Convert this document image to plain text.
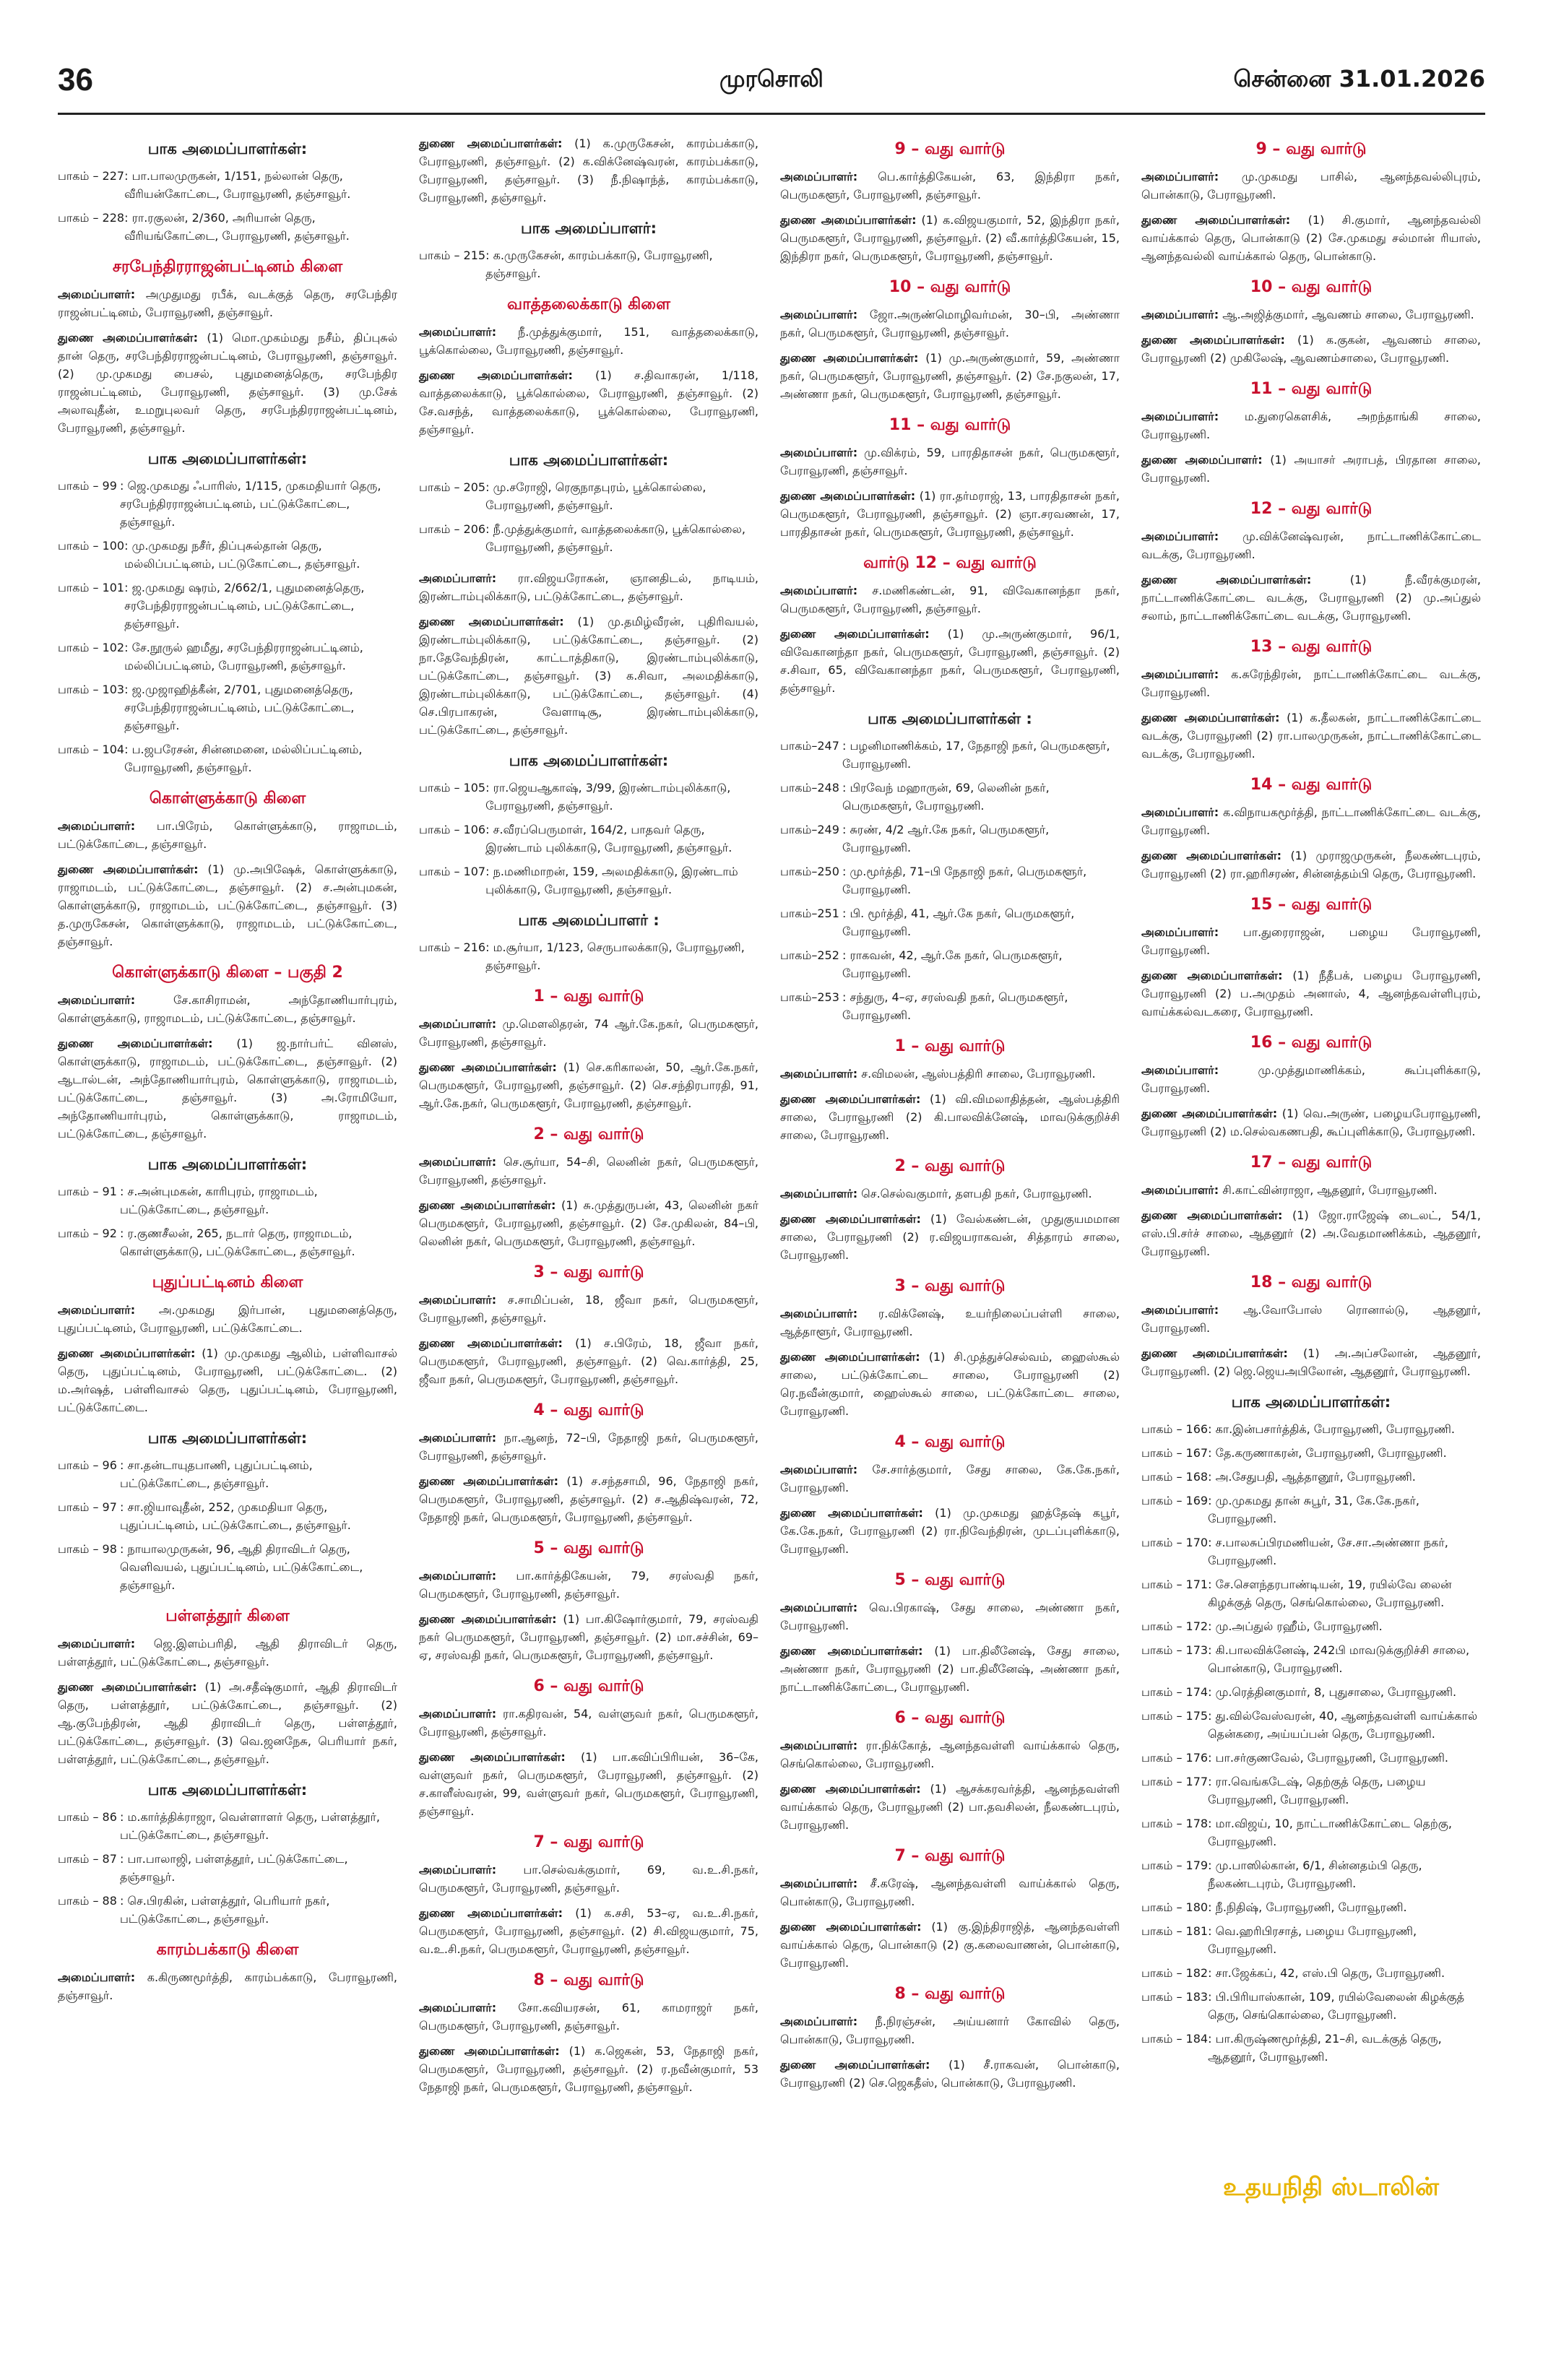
36	முரசொலி	சென்னை 31.01.2026
பாக அமைப்பாளர்கள்:
பாகம் – 227 : பா.பாலமுருகன், 1/151, நல்லான் தெரு, வீரியன்கோட்டை, பேராவூரணி, தஞ்சாவூர்.
பாகம் – 228 : ரா.ரகுலன், 2/360, அரியான் தெரு, வீரியங்கோட்டை, பேராவூரணி, தஞ்சாவூர்.
சரபேந்திரராஜன்பட்டினம் கிளை

அமைப்பாளர்: அமுதுமது ரபீக், வடக்குத் தெரு, சரபேந்திர ராஜன்பட்டினம், பேராவூரணி, தஞ்சாவூர்.

துணை அமைப்பாளர்கள்: (1) மொ.முகம்மது நசீம், திப்புசுல் தான் தெரு, சரபேந்திரராஜன்பட்டினம், பேராவூரணி, தஞ்சாவூர். (2) மு.முகமது பைசல், புதுமனைத்தெரு, சரபேந்திர ராஜன்பட்டினம், பேராவூரணி, தஞ்சாவூர். (3) மு.சேக் அலாவுதீன், உமறுபுலவர் தெரு, சரபேந்திரராஜன்பட்டினம், பேராவூரணி, தஞ்சாவூர்.

பாக அமைப்பாளர்கள்:
பாகம் – 99 : ஜெ.முகமது ஃபாரிஸ், 1/115, முகமதியார் தெரு, சரபேந்திரராஜன்பட்டினம், பட்டுக்கோட்டை, தஞ்சாவூர்.
பாகம் – 100 : மு.முகமது நசீர், திப்புசுல்தான் தெரு, மல்லிப்பட்டினம், பட்டுகோட்டை, தஞ்சாவூர்.
பாகம் – 101 : ஜ.முகமது ஷரம், 2/662/1, புதுமனைத்தெரு, சரபேந்திரராஜன்பட்டினம், பட்டுக்கோட்டை, தஞ்சாவூர்.
பாகம் – 102 : சே.நூருல் ஹமீது, சரபேந்திரராஜன்பட்டினம், மல்லிப்பட்டினம், பேராவூரணி, தஞ்சாவூர்.
பாகம் – 103 : ஜ.முஜாஹித்கீன், 2/701, புதுமனைத்தெரு, சரபேந்திரராஜன்பட்டினம், பட்டுக்கோட்டை, தஞ்சாவூர்.
பாகம் – 104 : ப.ஜபரேசன், சின்னமனை, மல்லிப்பட்டினம், பேராவூரணி, தஞ்சாவூர்.
கொள்ளுக்காடு கிளை

அமைப்பாளர்: பா.பிரேம், கொள்ளுக்காடு, ராஜாமடம், பட்டுக்கோட்டை, தஞ்சாவூர்.

துணை அமைப்பாளர்கள்: (1) மு.அபிஷேக், கொள்ளுக்காடு, ராஜாமடம், பட்டுக்கோட்டை, தஞ்சாவூர். (2) ச.அன்புமகன், கொள்ளுக்காடு, ராஜாமடம், பட்டுக்கோட்டை, தஞ்சாவூர். (3) த.முருகேசன், கொள்ளுக்காடு, ராஜாமடம், பட்டுக்கோட்டை, தஞ்சாவூர்.

கொள்ளுக்காடு கிளை – பகுதி 2

அமைப்பாளர்:	சே.காசிராமன், அந்தோணியார்புரம், கொள்ளுக்காடு, ராஜாமடம், பட்டுக்கோட்டை, தஞ்சாவூர்.

துணை அமைப்பாளர்கள்: (1) ஜ.நார்பர்ட் வினஸ், கொள்ளுக்காடு, ராஜாமடம், பட்டுக்கோட்டை, தஞ்சாவூர். (2) ஆடால்டன், அந்தோணியார்புரம், கொள்ளுக்காடு, ராஜாமடம், பட்டுக்கோட்டை, தஞ்சாவூர். (3) அ.ரோமியோ, அந்தோணியார்புரம், கொள்ளுக்காடு, ராஜாமடம், பட்டுக்கோட்டை, தஞ்சாவூர்.

பாக அமைப்பாளர்கள்:
பாகம் – 91 : ச.அன்புமகன், காரிபுரம், ராஜாமடம், பட்டுக்கோட்டை, தஞ்சாவூர்.
பாகம் – 92 : ர.குணசீலன், 265, நடார் தெரு, ராஜாமடம், கொள்ளுக்காடு, பட்டுக்கோட்டை, தஞ்சாவூர்.
புதுப்பட்டினம் கிளை

அமைப்பாளர்: அ.முகமது இர்பான், புதுமனைத்தெரு, புதுப்பட்டினம், பேராவூரணி, பட்டுக்கோட்டை.

துணை அமைப்பாளர்கள்: (1) மு.முகமது ஆலிம், பள்ளிவாசல் தெரு, புதுப்பட்டினம், பேராவூரணி, பட்டுக்கோட்டை. (2) ம.அர்ஷத், பள்ளிவாசல் தெரு, புதுப்பட்டினம், பேராவூரணி, பட்டுக்கோட்டை.

பாக அமைப்பாளர்கள்:
பாகம் – 96 : சா.தன்டாயுதபாணி, புதுப்பட்டினம், பட்டுக்கோட்டை, தஞ்சாவூர்.
பாகம் – 97 : சா.ஜியாவுதீன், 252, முகமதியா தெரு, புதுப்பட்டினம், பட்டுக்கோட்டை, தஞ்சாவூர்.
பாகம் – 98 : நாயாலமுருகன், 96, ஆதி திராவிடர் தெரு, வெளிவயல், புதுப்பட்டினம், பட்டுக்கோட்டை, தஞ்சாவூர்.
பள்ளத்தூர் கிளை

அமைப்பாளர்: ஜெ.இளம்பரிதி, ஆதி திராவிடர் தெரு, பள்ளத்தூர், பட்டுக்கோட்டை, தஞ்சாவூர்.

துணை அமைப்பாளர்கள்: (1) அ.சதீஷ்குமார், ஆதி திராவிடர் தெரு, பள்ளத்தூர், பட்டுக்கோட்டை, தஞ்சாவூர். (2) ஆ.குபேந்திரன், ஆதி திராவிடர் தெரு, பள்ளத்தூர், பட்டுக்கோட்டை, தஞ்சாவூர். (3) வெ.ஜனநேசு, பெரியார் நகர், பள்ளத்தூர், பட்டுக்கோட்டை, தஞ்சாவூர்.

பாக அமைப்பாளர்கள்:
பாகம் – 86 : ம.கார்த்திக்ராஜா, வெள்ளாளர் தெரு, பள்ளத்தூர், பட்டுக்கோட்டை, தஞ்சாவூர்.
பாகம் – 87 : பா.பாலாஜி, பள்ளத்தூர், பட்டுக்கோட்டை, தஞ்சாவூர்.
பாகம் – 88 : செ.பிரகின், பள்ளத்தூர், பெரியார் நகர், பட்டுக்கோட்டை, தஞ்சாவூர்.
காரம்பக்காடு கிளை

அமைப்பாளர்: க.கிருணமூர்த்தி, காரம்பக்காடு, பேராவூரணி, தஞ்சாவூர்.

துணை அமைப்பாளர்கள்: (1) க.முருகேசன், காரம்பக்காடு, பேராவூரணி, தஞ்சாவூர். (2) க.விக்னேஷ்வரன், காரம்பக்காடு, பேராவூரணி, தஞ்சாவூர். (3) நீ.நிஷாந்த், காரம்பக்காடு, பேராவூரணி, தஞ்சாவூர்.

பாக அமைப்பாளர்:
பாகம் – 215 : க.முருகேசன், காரம்பக்காடு, பேராவூரணி, தஞ்சாவூர்.
வாத்தலைக்காடு கிளை

அமைப்பாளர்: நீ.முத்துக்குமார், 151, வாத்தலைக்காடு, பூக்கொல்லை, பேராவூரணி, தஞ்சாவூர்.

துணை அமைப்பாளர்கள்: (1) ச.திவாகரன், 1/118, வாத்தலைக்காடு, பூக்கொல்லை, பேராவூரணி, தஞ்சாவூர். (2) சே.வசந்த், வாத்தலைக்காடு, பூக்கொல்லை, பேராவூரணி, தஞ்சாவூர்.

பாக அமைப்பாளர்கள்:
பாகம் – 205 : மு.சரோஜி, ரெகுநாதபுரம், பூக்கொல்லை, பேராவூரணி, தஞ்சாவூர்.
பாகம் – 206 : நீ.முத்துக்குமார், வாத்தலைக்காடு, பூக்கொல்லை, பேராவூரணி, தஞ்சாவூர்.

அமைப்பாளர்: ரா.விஜயரோகன், ஞானதிடல், நாடியம், இரண்டாம்புலிக்காடு, பட்டுக்கோட்டை, தஞ்சாவூர்.

துணை அமைப்பாளர்கள்: (1) மு.தமிழ்வீரன், புதிரிவயல், இரண்டாம்புலிக்காடு, பட்டுக்கோட்டை, தஞ்சாவூர். (2) நா.தேவேந்திரன், காட்டாத்திகாடு, இரண்டாம்புலிக்காடு, பட்டுக்கோட்டை, தஞ்சாவூர். (3) க.சிவா, அலமதிக்காடு, இரண்டாம்புலிக்காடு, பட்டுக்கோட்டை, தஞ்சாவூர். (4) செ.பிரபாகரன், வேளாடிசூ, இரண்டாம்புலிக்காடு, பட்டுக்கோட்டை, தஞ்சாவூர்.

பாக அமைப்பாளர்கள்:
பாகம் – 105 : ரா.ஜெயஆகாஷ், 3/99, இரண்டாம்புலிக்காடு, பேராவூரணி, தஞ்சாவூர்.
பாகம் – 106 : ச.வீரப்பெருமாள், 164/2, பாதவர் தெரு, இரண்டாம் புலிக்காடு, பேராவூரணி, தஞ்சாவூர்.
பாகம் – 107 : ந.மணிமாறன், 159, அலமதிக்காடு, இரண்டாம் புலிக்காடு, பேராவூரணி, தஞ்சாவூர்.
பாக அமைப்பாளர் :
பாகம் – 216 : ம.சூர்யா, 1/123, செருபாலக்காடு, பேராவூரணி, தஞ்சாவூர்.
1 – வது வார்டு

அமைப்பாளர்: மு.மெளலிதரன், 74 ஆர்.கே.நகர், பெருமகளூர், பேராவூரணி, தஞ்சாவூர்.

துணை அமைப்பாளர்கள்: (1) செ.கரிகாலன், 50, ஆர்.கே.நகர், பெருமகளூர், பேராவூரணி, தஞ்சாவூர். (2) செ.சந்திரபாரதி, 91, ஆர்.கே.நகர், பெருமகளூர், பேராவூரணி, தஞ்சாவூர்.

2 – வது வார்டு

அமைப்பாளர்: செ.சூர்யா, 54–சி, லெனின் நகர், பெருமகளூர், பேராவூரணி, தஞ்சாவூர்.

துணை அமைப்பாளர்கள்: (1) சு.முத்துருபன், 43, லெனின் நகர் பெருமகளூர், பேராவூரணி, தஞ்சாவூர். (2) சே.முகிலன், 84–பி, லெனின் நகர், பெருமகளூர், பேராவூரணி, தஞ்சாவூர்.

3 – வது வார்டு

அமைப்பாளர்: ச.சாமிப்பன், 18, ஜீவா நகர், பெருமகளூர், பேராவூரணி, தஞ்சாவூர்.

துணை அமைப்பாளர்கள்: (1) ச.பிரேம், 18, ஜீவா நகர், பெருமகளூர், பேராவூரணி, தஞ்சாவூர். (2) வெ.கார்த்தி, 25, ஜீவா நகர், பெருமகளூர், பேராவூரணி, தஞ்சாவூர்.

4 – வது வார்டு

அமைப்பாளர்: நா.ஆனந், 72–பி, நேதாஜி நகர், பெருமகளூர், பேராவூரணி, தஞ்சாவூர்.

துணை அமைப்பாளர்கள்: (1) ச.சந்தசாமி, 96, நேதாஜி நகர், பெருமகளூர், பேராவூரணி, தஞ்சாவூர். (2) ச.ஆதிஷ்வரன், 72, நேதாஜி நகர், பெருமகளூர், பேராவூரணி, தஞ்சாவூர்.

5 – வது வார்டு

அமைப்பாளர்: பா.கார்த்திகேயன், 79, சரஸ்வதி நகர், பெருமகளூர், பேராவூரணி, தஞ்சாவூர்.

துணை அமைப்பாளர்கள்: (1) பா.கிஷோர்குமார், 79, சரஸ்வதி நகர் பெருமகளூர், பேராவூரணி, தஞ்சாவூர். (2) மா.சச்சின், 69–ஏ, சரஸ்வதி நகர், பெருமகளூர், பேராவூரணி, தஞ்சாவூர்.

6 – வது வார்டு

அமைப்பாளர்: ரா.கதிரவன், 54, வள்ளுவர் நகர், பெருமகளூர், பேராவூரணி, தஞ்சாவூர்.

துணை அமைப்பாளர்கள்: (1) பா.கவிப்பிரியன், 36–கே, வள்ளுவர் நகர், பெருமகளூர், பேராவூரணி, தஞ்சாவூர். (2) ச.காளீஸ்வரன், 99, வள்ளுவர் நகர், பெருமகளூர், பேராவூரணி, தஞ்சாவூர்.

7 – வது வார்டு

அமைப்பாளர்: பா.செல்வக்குமார், 69, வ.உ.சி.நகர், பெருமகளூர், பேராவூரணி, தஞ்சாவூர்.

துணை அமைப்பாளர்கள்: (1) க.சசி, 53–ஏ, வ.உ.சி.நகர், பெருமகளூர், பேராவூரணி, தஞ்சாவூர். (2) சி.விஜயகுமார், 75, வ.உ.சி.நகர், பெருமகளூர், பேராவூரணி, தஞ்சாவூர்.

8 – வது வார்டு

அமைப்பாளர்: சோ.கவியரசன், 61, காமராஜர் நகர், பெருமகளூர், பேராவூரணி, தஞ்சாவூர்.

துணை அமைப்பாளர்கள்: (1) க.ஜெகன், 53, நேதாஜி நகர், பெருமகளூர், பேராவூரணி, தஞ்சாவூர். (2) ர.நவீன்குமார், 53 நேதாஜி நகர், பெருமகளூர், பேராவூரணி, தஞ்சாவூர்.

9 – வது வார்டு

அமைப்பாளர்: பெ.கார்த்திகேயன், 63, இந்திரா நகர், பெருமகளூர், பேராவூரணி, தஞ்சாவூர்.

துணை அமைப்பாளர்கள்: (1) க.விஜயகுமார், 52, இந்திரா நகர், பெருமகளூர், பேராவூரணி, தஞ்சாவூர். (2) வீ.கார்த்திகேயன், 15, இந்திரா நகர், பெருமகளூர், பேராவூரணி, தஞ்சாவூர்.

10 – வது வார்டு

அமைப்பாளர்: ஜோ.அருண்மொழிவர்மன், 30–பி, அண்ணா நகர், பெருமகளூர், பேராவூரணி, தஞ்சாவூர்.

துணை அமைப்பாளர்கள்: (1) மு.அருண்குமார், 59, அண்ணா நகர், பெருமகளூர், பேராவூரணி, தஞ்சாவூர். (2) சே.நகுலன், 17, அண்ணா நகர், பெருமகளூர், பேராவூரணி, தஞ்சாவூர்.

11 – வது வார்டு

அமைப்பாளர்: மு.விக்ரம், 59, பாரதிதாசன் நகர், பெருமகளூர், பேராவூரணி, தஞ்சாவூர்.

துணை அமைப்பாளர்கள்: (1) ரா.தர்மராஜ், 13, பாரதிதாசன் நகர், பெருமகளூர், பேராவூரணி, தஞ்சாவூர். (2) ஞா.சரவணன், 17, பாரதிதாசன் நகர், பெருமகளூர், பேராவூரணி, தஞ்சாவூர்.

வார்டு 12 – வது வார்டு

அமைப்பாளர்: ச.மணிகண்டன், 91, விவேகானந்தா நகர், பெருமகளூர், பேராவூரணி, தஞ்சாவூர்.

துணை அமைப்பாளர்கள்: (1) மு.அருண்குமார், 96/1, விவேகானந்தா நகர், பெருமகளூர், பேராவூரணி, தஞ்சாவூர். (2) ச.சிவா, 65, விவேகானந்தா நகர், பெருமகளூர், பேராவூரணி, தஞ்சாவூர்.

பாக அமைப்பாளர்கள் :
பாகம்–247 : பழனிமாணிக்கம், 17, நேதாஜி நகர், பெருமகளூர், பேராவூரணி.
பாகம்–248 : பிரவேந் மஹாருன், 69, லெனின் நகர், பெருமகளூர், பேராவூரணி.
பாகம்–249 : சுரண், 4/2 ஆர்.கே நகர், பெருமகளூர், பேராவூரணி.
பாகம்–250 : மு.மூர்த்தி, 71–பி நேதாஜி நகர், பெருமகளூர், பேராவூரணி.
பாகம்–251 : பி. மூர்த்தி, 41, ஆர்.கே நகர், பெருமகளூர், பேராவூரணி.
பாகம்–252 : ராகவன், 42, ஆர்.கே நகர், பெருமகளூர், பேராவூரணி.
பாகம்–253 : சந்துரு, 4–ஏ, சரஸ்வதி நகர், பெருமகளூர், பேராவூரணி.
1 – வது வார்டு

அமைப்பாளர்: ச.விமலன், ஆஸ்பத்திரி சாலை, பேராவூரணி.

துணை அமைப்பாளர்கள்: (1) வி.விமலாதித்தன், ஆஸ்பத்திரி சாலை, பேராவூரணி (2) கி.பாலவிக்னேஷ், மாவடுக்குறிச்சி சாலை, பேராவூரணி.

2 – வது வார்டு

அமைப்பாளர்: செ.செல்வகுமார், தளபதி நகர், பேராவூரணி.

துணை அமைப்பாளர்கள்: (1) வேல்கண்டன், முதுகுயமமான சாலை, பேராவூரணி (2) ர.விஜயராகவன், சித்தாரம் சாலை, பேராவூரணி.

3 – வது வார்டு

அமைப்பாளர்: ர.விக்னேஷ், உயர்நிலைப்பள்ளி சாலை, ஆத்தாளூர், பேராவூரணி.

துணை அமைப்பாளர்கள்: (1) சி.முத்துச்செல்வம், ஹைஸ்கூல் சாலை, பட்டுக்கோட்டை சாலை, பேராவூரணி (2) ரெ.நவீன்குமார், ஹைஸ்கூல் சாலை, பட்டுக்கோட்டை சாலை, பேராவூரணி.

4 – வது வார்டு

அமைப்பாளர்: சே.சார்த்குமார், சேது சாலை, கே.கே.நகர், பேராவூரணி.

துணை அமைப்பாளர்கள்: (1) மு.முகமது ஹத்தேஷ் கபூர், கே.கே.நகர், பேராவூரணி (2) ரா.நிவேந்திரன், முடப்புளிக்காடு, பேராவூரணி.

5 – வது வார்டு

அமைப்பாளர்: வெ.பிரகாஷ், சேது சாலை, அண்ணா நகர், பேராவூரணி.

துணை அமைப்பாளர்கள்: (1) பா.திலீனேஷ், சேது சாலை, அண்ணா நகர், பேராவூரணி (2) பா.திலீனேஷ், அண்ணா நகர், நாட்டாணிக்கோட்டை, பேராவூரணி.

6 – வது வார்டு

அமைப்பாளர்: ரா.நிக்கோத், ஆனந்தவள்ளி வாய்க்கால் தெரு, செங்கொல்லை, பேராவூரணி.

துணை அமைப்பாளர்கள்: (1) ஆசக்கரவர்த்தி, ஆனந்தவள்ளி வாய்க்கால் தெரு, பேராவூரணி (2) பா.தவசிலன், நீலகண்டபுரம், பேராவூரணி.

7 – வது வார்டு

அமைப்பாளர்: சீ.கரேஷ், ஆனந்தவள்ளி வாய்க்கால் தெரு, பொன்காடு, பேராவூரணி.

துணை அமைப்பாளர்கள்: (1) கு.இந்திராஜித், ஆனந்தவள்ளி வாய்க்கால் தெரு, பொன்காடு (2) கு.கலைவாணன், பொன்காடு, பேராவூரணி.

8 – வது வார்டு

அமைப்பாளர்: நீ.நிரஞ்சன், அய்யனார் கோவில் தெரு, பொன்காடு, பேராவூரணி.

துணை அமைப்பாளர்கள்: (1) சீ.ராகவன், பொன்காடு, பேராவூரணி (2) செ.ஜெகதீஸ், பொன்காடு, பேராவூரணி.

9 – வது வார்டு

அமைப்பாளர்: மு.முகமது பாசில், ஆனந்தவல்லிபுரம், பொன்காடு, பேராவூரணி.

துணை அமைப்பாளர்கள்: (1) சி.குமார், ஆனந்தவல்லி வாய்க்கால் தெரு, பொன்காடு (2) சே.முகமது சல்மான் ரியாஸ், ஆனந்தவல்லி வாய்க்கால் தெரு, பொன்காடு.

10 – வது வார்டு

அமைப்பாளர்: ஆ.அஜித்குமார், ஆவணம் சாலை, பேராவூரணி.

துணை அமைப்பாளர்கள்: (1) க.குகன், ஆவணம் சாலை, பேராவூரணி (2) முகிலேஷ், ஆவணம்சாலை, பேராவூரணி.

11 – வது வார்டு

அமைப்பாளர்: ம.துரைகௌசிக், அறந்தாங்கி சாலை, பேராவூரணி.

துணை அமைப்பாளர்: (1) அயாசர் அராபத், பிரதான சாலை, பேராவூரணி.

12 – வது வார்டு

அமைப்பாளர்: மு.விக்னேஷ்வரன், நாட்டாணிக்கோட்டை வடக்கு, பேராவூரணி.

துணை அமைப்பாளர்கள்:	(1) நீ.வீரக்குமரன், நாட்டாணிக்கோட்டை வடக்கு, பேராவூரணி (2) மு.அப்துல் சலாம், நாட்டாணிக்கோட்டை வடக்கு, பேராவூரணி.

13 – வது வார்டு

அமைப்பாளர்: க.சுரேந்திரன், நாட்டாணிக்கோட்டை வடக்கு, பேராவூரணி.

துணை அமைப்பாளர்கள்: (1) க.தீலகன், நாட்டாணிக்கோட்டை வடக்கு, பேராவூரணி (2) ரா.பாலமுருகன், நாட்டாணிக்கோட்டை வடக்கு, பேராவூரணி.

14 – வது வார்டு

அமைப்பாளர்: க.விநாயகமூர்த்தி, நாட்டாணிக்கோட்டை வடக்கு, பேராவூரணி.

துணை அமைப்பாளர்கள்: (1) முராஜமுருகன், நீலகண்டபுரம், பேராவூரணி (2) ரா.ஹரிசரண், சின்னத்தம்பி தெரு, பேராவூரணி.

15 – வது வார்டு

அமைப்பாளர்: பா.துரைராஜன், பழைய பேராவூரணி, பேராவூரணி.

துணை அமைப்பாளர்கள்: (1) நீதீபக், பழைய பேராவூரணி, பேராவூரணி (2) ப.அமுதம் அனாஸ், 4, ஆனந்தவள்ளிபுரம், வாய்க்கல்வடகரை, பேராவூரணி.

16 – வது வார்டு

அமைப்பாளர்:	மு.முத்துமாணிக்கம், கூப்புளிக்காடு, பேராவூரணி.

துணை அமைப்பாளர்கள்: (1) வெ.அருண், பழையபேராவூரணி, பேராவூரணி (2) ம.செல்வகணபதி, கூப்புளிக்காடு, பேராவூரணி.

17 – வது வார்டு

அமைப்பாளர்: சி.காட்வின்ராஜா, ஆதனூர், பேராவூரணி.

துணை அமைப்பாளர்கள்: (1) ஜோ.ராஜேஷ் டைலட், 54/1, எஸ்.பி.சர்ச் சாலை, ஆதனூர் (2) அ.வேதமாணிக்கம், ஆதனூர், பேராவூரணி.

18 – வது வார்டு

அமைப்பாளர்: ஆ.வோபோஸ் ரொனால்டு, ஆதனூர், பேராவூரணி.

துணை அமைப்பாளர்கள்: (1) அ.அப்சலோன், ஆதனூர், பேராவூரணி. (2) ஜெ.ஜெயஅபிலோன், ஆதனூர், பேராவூரணி.

பாக அமைப்பாளர்கள்:
பாகம் – 166 : கா.இன்பசார்த்திக், பேராவூரணி, பேராவூரணி.
பாகம் – 167 : தே.கருணாகரன், பேராவூரணி, பேராவூரணி.
பாகம் – 168 : அ.சேதுபதி, ஆத்தானூர், பேராவூரணி.
பாகம் – 169 : மு.முகமது தான் சுபூர், 31, கே.கே.நகர், பேராவூரணி.
பாகம் – 170 : ச.பாலசுப்பிரமணியன், சே.சா.அண்ணா நகர், பேராவூரணி.
பாகம் – 171 : சே.சௌந்தரபாண்டியன், 19, ரயில்வே லைன் கிழக்குத் தெரு, செங்கொல்லை, பேராவூரணி.
பாகம் – 172 : மு.அப்துல் ரஹீம், பேராவூரணி.
பாகம் – 173 : கி.பாலவிக்னேஷ், 242பி மாவடுக்குறிச்சி சாலை, பொன்காடு, பேராவூரணி.
பாகம் – 174 : மு.ரெத்தினகுமார், 8, புதுசாலை, பேராவூரணி.
பாகம் – 175 : து.வில்வேஸ்வரன், 40, ஆனந்தவள்ளி வாய்க்கால் தென்கரை, அய்யப்பன் தெரு, பேராவூரணி.
பாகம் – 176 : பா.சர்குணவேல், பேராவூரணி, பேராவூரணி.
பாகம் – 177 : ரா.வெங்கடேஷ், தெற்குத் தெரு, பழைய பேராவூரணி, பேராவூரணி.
பாகம் – 178 : மா.விஜய், 10, நாட்டாணிக்கோட்டை தெற்கு, பேராவூரணி.
பாகம் – 179 : மு.பாஸில்கான், 6/1, சின்னதம்பி தெரு, நீலகண்டபுரம், பேராவூரணி.
பாகம் – 180 : நீ.நிதிஷ், பேராவூரணி, பேராவூரணி.
பாகம் – 181 : வெ.ஹரிபிரசாத், பழைய பேராவூரணி, பேராவூரணி.
பாகம் – 182 : சா.ஜேக்கப், 42, எஸ்.பி தெரு, பேராவூரணி.
பாகம் – 183 : பி.பிரியாஸ்கான், 109, ரயில்வேலைன் கிழக்குத் தெரு, செங்கொல்லை, பேராவூரணி.
பாகம் – 184 : பா.கிருஷ்ணமூர்த்தி, 21–சி, வடக்குத் தெரு, ஆதனூர், பேராவூரணி.
உதயநிதி ஸ்டாலின்
